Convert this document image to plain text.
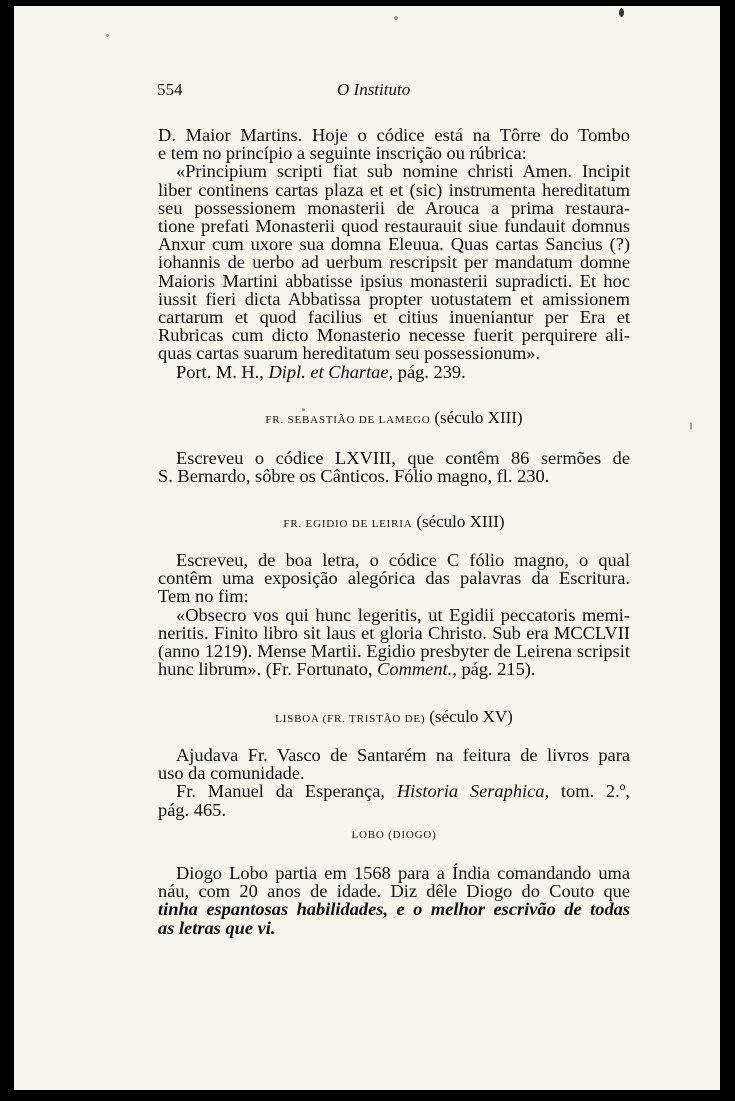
554	O Instituto
D. Maior Martins. Hoje o códice está na Tôrre do Tombo
e tem no princípio a seguinte inscrição ou rúbrica:
«Principium scripti fiat sub nomine christi Amen. Incipit
liber continens cartas plaza et et (sic) instrumenta hereditatum
seu possessionem monasterii de Arouca a prima restaura-
tione prefati Monasterii quod restaurauit siue fundauit domnus
Anxur cum uxore sua domna Eleuua. Quas cartas Sancius (?)
iohannis de uerbo ad uerbum rescripsit per mandatum domne
Maioris Martini abbatisse ipsius monasterii supradicti. Et hoc
iussit fieri dicta Abbatissa propter uotustatem et amissionem
cartarum et quod facilius et citius inueniantur per Era et
Rubricas cum dicto Monasterio necesse fuerit perquirere ali-
quas cartas suarum hereditatum seu possessionum».
Port. M. H., Dipl. et Chartae, pág. 239.
FR. SEBASTIÃO DE LAMEGO (século XIII)
Escreveu o códice LXVIII, que contêm 86 sermões de
S. Bernardo, sôbre os Cânticos. Fólio magno, fl. 230.
FR. EGIDIO DE LEIRIA (século XIII)
Escreveu, de boa letra, o códice C fólio magno, o qual
contêm uma exposição alegórica das palavras da Escritura.
Tem no fim:
«Obsecro vos qui hunc legeritis, ut Egidii peccatoris memi-
neritis. Finito libro sit laus et gloria Christo. Sub era MCCLVII
(anno 1219). Mense Martii. Egidio presbyter de Leirena scripsit
hunc librum». (Fr. Fortunato, Comment., pág. 215).
LISBOA (FR. TRISTÃO DE) (século XV)
Ajudava Fr. Vasco de Santarém na feitura de livros para
uso da comunidade.
Fr. Manuel da Esperança, Historia Seraphica, tom. 2.º,
pág. 465.
LOBO (DIOGO)
Diogo Lobo partia em 1568 para a Índia comandando uma
náu, com 20 anos de idade. Diz dêle Diogo do Couto que
tinha espantosas habilidades, e o melhor escrivão de todas
as letras que vi.
